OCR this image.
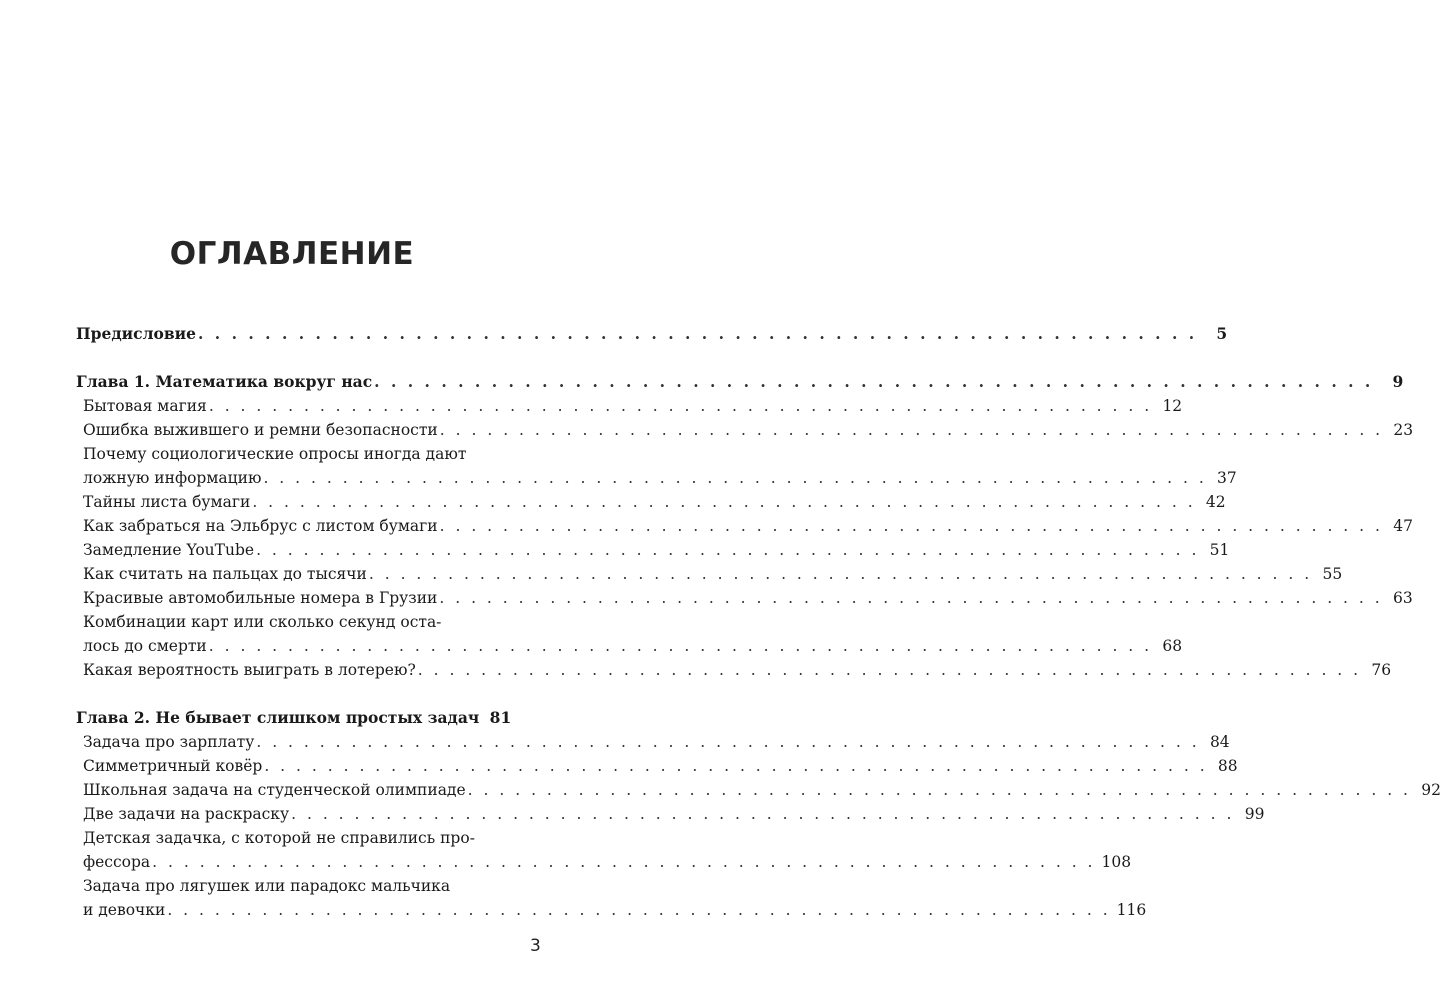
ОГЛАВЛЕНИЕ
Предисловие . . . . . . . . . . . . . . . . . . . . . . . . . . . . . . . . . . . . . . . . . . . . . . . . . . . . . . . . . . . .	5
Глава 1. Математика вокруг нас . . . . . . . . . . . . . . . . . . . . . . . . . . . . . . . . . . . . . . . . . . . . . . . . . . . . . . . . . . . .	9
Бытовая магия . . . . . . . . . . . . . . . . . . . . . . . . . . . . . . . . . . . . . . . . . . . . . . . . . . . . . . . . . . . . 12
Ошибка выжившего и ремни безопасности . . . . . . . . . . . . . . . . . . . . . . . . . . . . . . . . . . . . . . . . . . . . . . . . . . . . . . . . . . . . 23
Почему социологические опросы иногда дают
ложную информацию . . . . . . . . . . . . . . . . . . . . . . . . . . . . . . . . . . . . . . . . . . . . . . . . . . . . . . . . . . . . 37
Тайны листа бумаги . . . . . . . . . . . . . . . . . . . . . . . . . . . . . . . . . . . . . . . . . . . . . . . . . . . . . . . . . . . . 42
Как забраться на Эльбрус с листом бумаги . . . . . . . . . . . . . . . . . . . . . . . . . . . . . . . . . . . . . . . . . . . . . . . . . . . . . . . . . . . . 47
Замедление YouTube . . . . . . . . . . . . . . . . . . . . . . . . . . . . . . . . . . . . . . . . . . . . . . . . . . . . . . . . . . . . 51
Как считать на пальцах до тысячи . . . . . . . . . . . . . . . . . . . . . . . . . . . . . . . . . . . . . . . . . . . . . . . . . . . . . . . . . . . . 55
Красивые автомобильные номера в Грузии . . . . . . . . . . . . . . . . . . . . . . . . . . . . . . . . . . . . . . . . . . . . . . . . . . . . . . . . . . . . 63
Комбинации карт или сколько секунд оста-
лось до смерти . . . . . . . . . . . . . . . . . . . . . . . . . . . . . . . . . . . . . . . . . . . . . . . . . . . . . . . . . . . . 68
Какая вероятность выиграть в лотерею? . . . . . . . . . . . . . . . . . . . . . . . . . . . . . . . . . . . . . . . . . . . . . . . . . . . . . . . . . . . . 76
Глава 2. Не бывает слишком простых задач 81
Задача про зарплату . . . . . . . . . . . . . . . . . . . . . . . . . . . . . . . . . . . . . . . . . . . . . . . . . . . . . . . . . . . . 84
Симметричный ковёр . . . . . . . . . . . . . . . . . . . . . . . . . . . . . . . . . . . . . . . . . . . . . . . . . . . . . . . . . . . . 88
Школьная задача на студенческой олимпиаде . . . . . . . . . . . . . . . . . . . . . . . . . . . . . . . . . . . . . . . . . . . . . . . . . . . . . . . . . . . . 92
Две задачи на раскраску . . . . . . . . . . . . . . . . . . . . . . . . . . . . . . . . . . . . . . . . . . . . . . . . . . . . . . . . . . . . 99
Детская задачка, с которой не справились про-
фессора . . . . . . . . . . . . . . . . . . . . . . . . . . . . . . . . . . . . . . . . . . . . . . . . . . . . . . . . . . . . 108
Задача про лягушек или парадокс мальчика
и девочки . . . . . . . . . . . . . . . . . . . . . . . . . . . . . . . . . . . . . . . . . . . . . . . . . . . . . . . . . . . . 116
3
